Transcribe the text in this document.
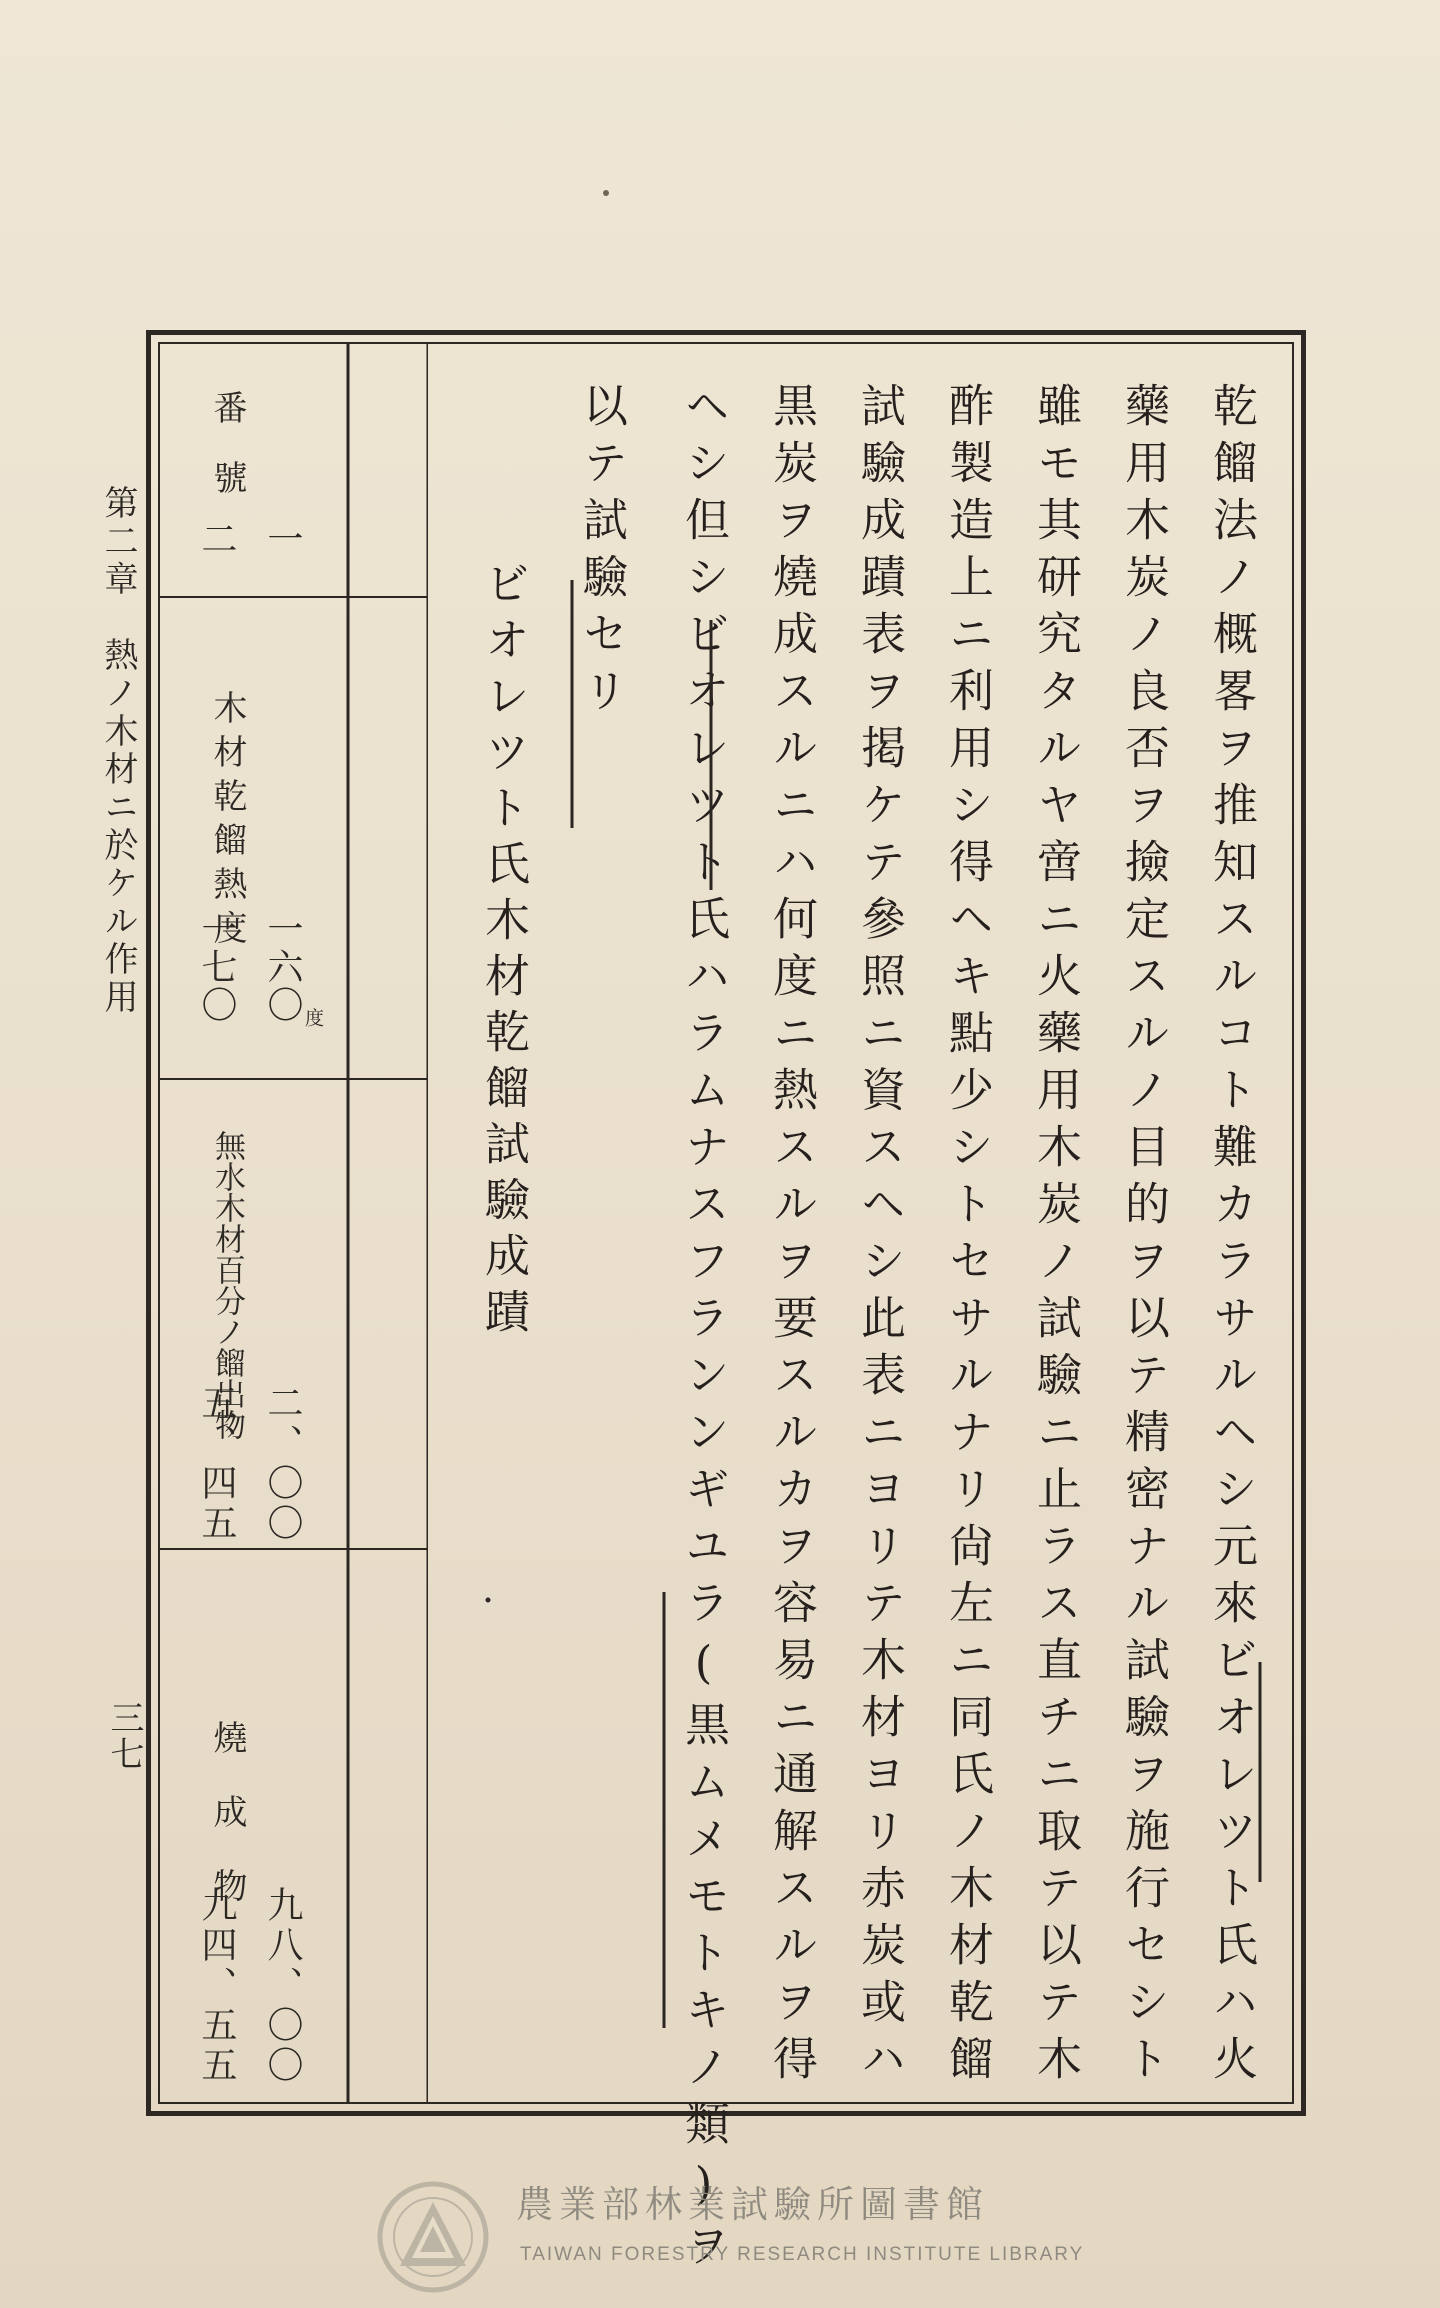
第二章　熱ノ木材ニ於ケル作用
三七	乾餾法ノ概畧ヲ推知スルコト難カラサルヘシ元來ビオレツト氏ハ火
藥用木炭ノ良否ヲ撿定スルノ目的ヲ以テ精密ナル試驗ヲ施行セシト
雖モ其研究タルヤ啻ニ火藥用木炭ノ試驗ニ止ラス直チニ取テ以テ木
酢製造上ニ利用シ得ヘキ點少シトセサルナリ尙左ニ同氏ノ木材乾餾
試驗成蹟表ヲ掲ケテ參照ニ資スヘシ此表ニヨリテ木材ヨリ赤炭或ハ
黒炭ヲ燒成スルニハ何度ニ熱スルヲ要スルカヲ容易ニ通解スルヲ得
ヘシ但シビオレツト氏ハラムナスフランンギユラ(黒ムメモトキノ類)ヲ
以テ試驗セリ
ビオレツト氏木材乾餾試驗成蹟
番號
木材乾餾熱度
無水木材百分ノ餾出物
燒成物
一
二
一六〇
一七〇	度
二、〇〇
五、四五
九八、〇〇
九四、五五
農業部林業試驗所圖書館
TAIWAN FORESTRY RESEARCH INSTITUTE LIBRARY
